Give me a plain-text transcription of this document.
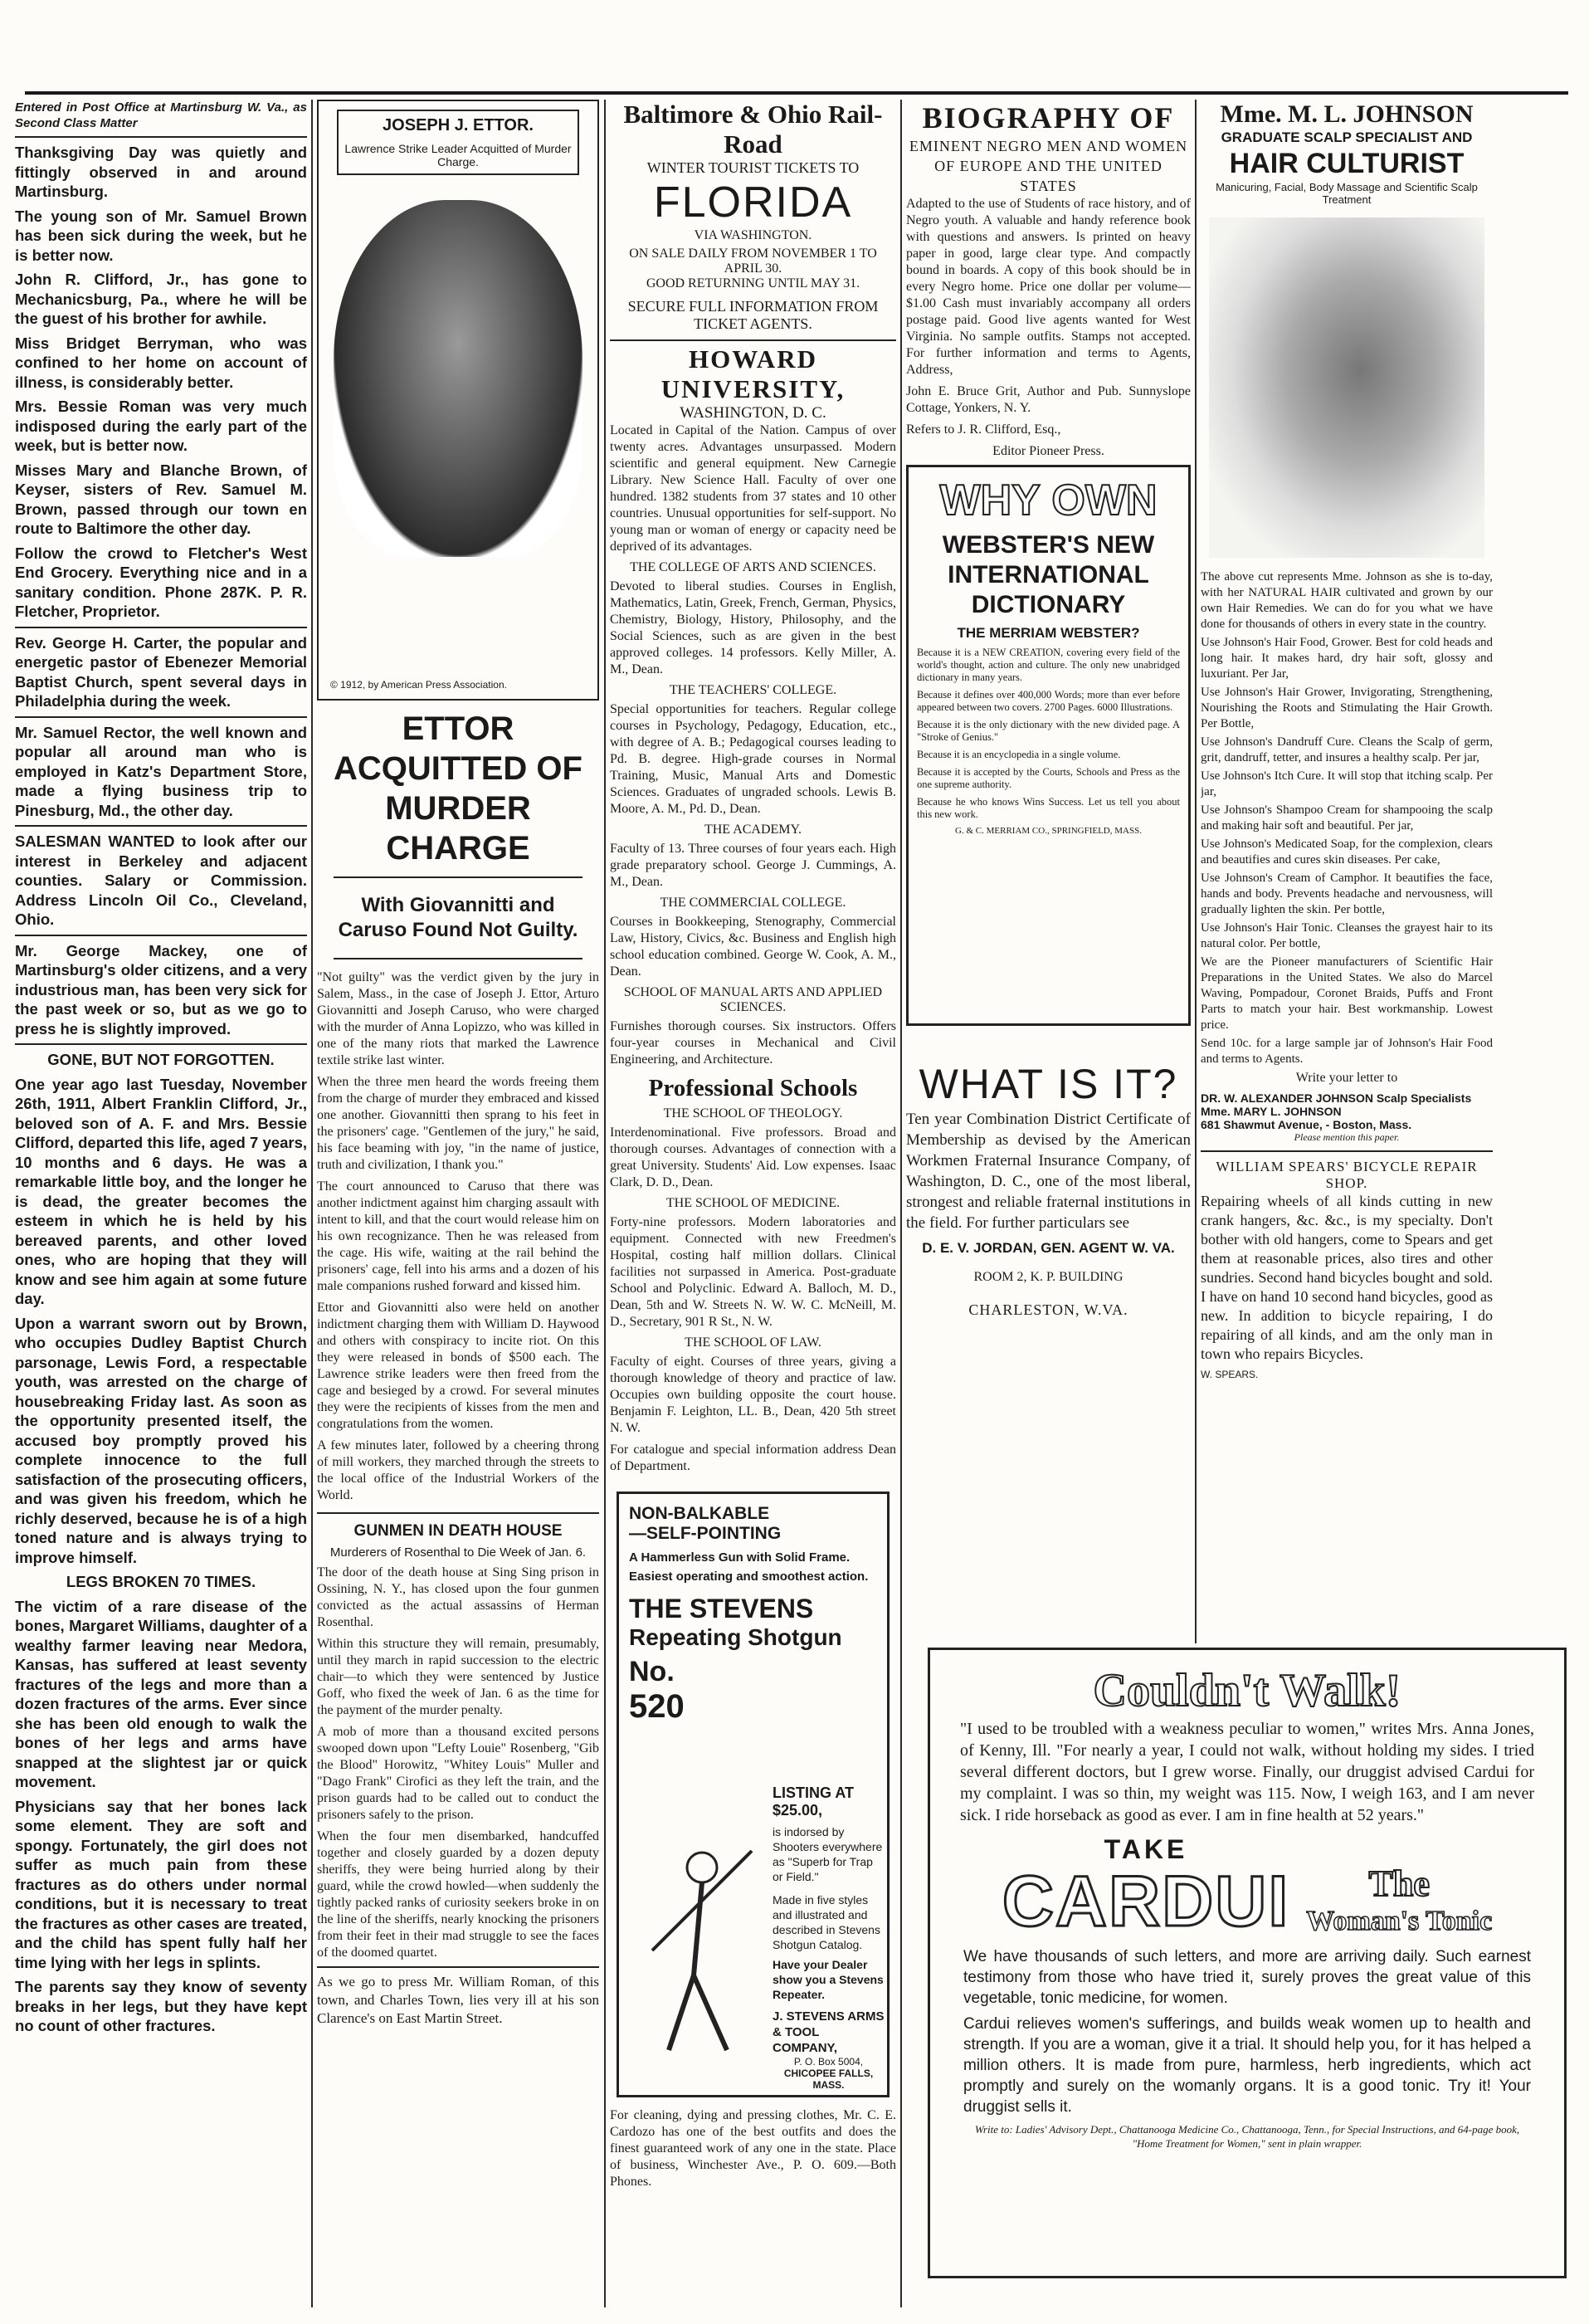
Entered in Post Office at Martinsburg W. Va., as Second Class Matter

Thanksgiving Day was quietly and fittingly observed in and around Martinsburg.

The young son of Mr. Samuel Brown has been sick during the week, but he is better now.

John R. Clifford, Jr., has gone to Mechanicsburg, Pa., where he will be the guest of his brother for awhile.

Miss Bridget Berryman, who was confined to her home on account of illness, is considerably better.

Mrs. Bessie Roman was very much indisposed during the early part of the week, but is better now.

Misses Mary and Blanche Brown, of Keyser, sisters of Rev. Samuel M. Brown, passed through our town en route to Baltimore the other day.

Follow the crowd to Fletcher's West End Grocery. Everything nice and in a sanitary condition. Phone 287K. P. R. Fletcher, Proprietor.

Rev. George H. Carter, the popular and energetic pastor of Ebenezer Memorial Baptist Church, spent several days in Philadelphia during the week.

Mr. Samuel Rector, the well known and popular all around man who is employed in Katz's Department Store, made a flying business trip to Pinesburg, Md., the other day.

SALESMAN WANTED to look after our interest in Berkeley and adjacent counties. Salary or Commission. Address Lincoln Oil Co., Cleveland, Ohio.

Mr. George Mackey, one of Martinsburg's older citizens, and a very industrious man, has been very sick for the past week or so, but as we go to press he is slightly improved.

GONE, BUT NOT FORGOTTEN.

One year ago last Tuesday, November 26th, 1911, Albert Franklin Clifford, Jr., beloved son of A. F. and Mrs. Bessie Clifford, departed this life, aged 7 years, 10 months and 6 days. He was a remarkable little boy, and the longer he is dead, the greater becomes the esteem in which he is held by his bereaved parents, and other loved ones, who are hoping that they will know and see him again at some future day.

Upon a warrant sworn out by Brown, who occupies Dudley Baptist Church parsonage, Lewis Ford, a respectable youth, was arrested on the charge of housebreaking Friday last. As soon as the opportunity presented itself, the accused boy promptly proved his complete innocence to the full satisfaction of the prosecuting officers, and was given his freedom, which he richly deserved, because he is of a high toned nature and is always trying to improve himself.

LEGS BROKEN 70 TIMES.

The victim of a rare disease of the bones, Margaret Williams, daughter of a wealthy farmer leaving near Medora, Kansas, has suffered at least seventy fractures of the legs and more than a dozen fractures of the arms. Ever since she has been old enough to walk the bones of her legs and arms have snapped at the slightest jar or quick movement.

Physicians say that her bones lack some element. They are soft and spongy. Fortunately, the girl does not suffer as much pain from these fractures as do others under normal conditions, but it is necessary to treat the fractures as other cases are treated, and the child has spent fully half her time lying with her legs in splints.

The parents say they know of seventy breaks in her legs, but they have kept no count of other fractures.

JOSEPH J. ETTOR.
Lawrence Strike Leader Acquitted of Murder Charge.
© 1912, by American Press Association.
ETTOR ACQUITTED OF MURDER CHARGE
With Giovannitti and Caruso Found Not Guilty.

"Not guilty" was the verdict given by the jury in Salem, Mass., in the case of Joseph J. Ettor, Arturo Giovannitti and Joseph Caruso, who were charged with the murder of Anna Lopizzo, who was killed in one of the many riots that marked the Lawrence textile strike last winter.

When the three men heard the words freeing them from the charge of murder they embraced and kissed one another. Giovannitti then sprang to his feet in the prisoners' cage. "Gentlemen of the jury," he said, his face beaming with joy, "in the name of justice, truth and civilization, I thank you."

The court announced to Caruso that there was another indictment against him charging assault with intent to kill, and that the court would release him on his own recognizance. Then he was released from the cage. His wife, waiting at the rail behind the prisoners' cage, fell into his arms and a dozen of his male companions rushed forward and kissed him.

Ettor and Giovannitti also were held on another indictment charging them with William D. Haywood and others with conspiracy to incite riot. On this they were released in bonds of $500 each. The Lawrence strike leaders were then freed from the cage and besieged by a crowd. For several minutes they were the recipients of kisses from the men and congratulations from the women.

A few minutes later, followed by a cheering throng of mill workers, they marched through the streets to the local office of the Industrial Workers of the World.

GUNMEN IN DEATH HOUSE
Murderers of Rosenthal to Die Week of Jan. 6.

The door of the death house at Sing Sing prison in Ossining, N. Y., has closed upon the four gunmen convicted as the actual assassins of Herman Rosenthal.

Within this structure they will remain, presumably, until they march in rapid succession to the electric chair—to which they were sentenced by Justice Goff, who fixed the week of Jan. 6 as the time for the payment of the murder penalty.

A mob of more than a thousand excited persons swooped down upon "Lefty Louie" Rosenberg, "Gib the Blood" Horowitz, "Whitey Louis" Muller and "Dago Frank" Cirofici as they left the train, and the prison guards had to be called out to conduct the prisoners safely to the prison.

When the four men disembarked, handcuffed together and closely guarded by a dozen deputy sheriffs, they were being hurried along by their guard, while the crowd howled—when suddenly the tightly packed ranks of curiosity seekers broke in on the line of the sheriffs, nearly knocking the prisoners from their feet in their mad struggle to see the faces of the doomed quartet.

As we go to press Mr. William Roman, of this town, and Charles Town, lies very ill at his son Clarence's on East Martin Street.

Baltimore & Ohio Rail-Road
WINTER TOURIST TICKETS TO
FLORIDA
VIA WASHINGTON.
ON SALE DAILY FROM NOVEMBER 1 TO APRIL 30.
GOOD RETURNING UNTIL MAY 31.
SECURE FULL INFORMATION FROM TICKET AGENTS.
HOWARD UNIVERSITY,
WASHINGTON, D. C.

Located in Capital of the Nation. Campus of over twenty acres. Advantages unsurpassed. Modern scientific and general equipment. New Carnegie Library. New Science Hall. Faculty of over one hundred. 1382 students from 37 states and 10 other countries. Unusual opportunities for self-support. No young man or woman of energy or capacity need be deprived of its advantages.

THE COLLEGE OF ARTS AND SCIENCES.

Devoted to liberal studies. Courses in English, Mathematics, Latin, Greek, French, German, Physics, Chemistry, Biology, History, Philosophy, and the Social Sciences, such as are given in the best approved colleges. 14 professors. Kelly Miller, A. M., Dean.

THE TEACHERS' COLLEGE.

Special opportunities for teachers. Regular college courses in Psychology, Pedagogy, Education, etc., with degree of A. B.; Pedagogical courses leading to Pd. B. degree. High-grade courses in Normal Training, Music, Manual Arts and Domestic Sciences. Graduates of ungraded schools. Lewis B. Moore, A. M., Pd. D., Dean.

THE ACADEMY.

Faculty of 13. Three courses of four years each. High grade preparatory school. George J. Cummings, A. M., Dean.

THE COMMERCIAL COLLEGE.

Courses in Bookkeeping, Stenography, Commercial Law, History, Civics, &c. Business and English high school education combined. George W. Cook, A. M., Dean.

SCHOOL OF MANUAL ARTS AND APPLIED SCIENCES.

Furnishes thorough courses. Six instructors. Offers four-year courses in Mechanical and Civil Engineering, and Architecture.

Professional Schools
THE SCHOOL OF THEOLOGY.

Interdenominational. Five professors. Broad and thorough courses. Advantages of connection with a great University. Students' Aid. Low expenses. Isaac Clark, D. D., Dean.

THE SCHOOL OF MEDICINE.

Forty-nine professors. Modern laboratories and equipment. Connected with new Freedmen's Hospital, costing half million dollars. Clinical facilities not surpassed in America. Post-graduate School and Polyclinic. Edward A. Balloch, M. D., Dean, 5th and W. Streets N. W. W. C. McNeill, M. D., Secretary, 901 R St., N. W.

THE SCHOOL OF LAW.

Faculty of eight. Courses of three years, giving a thorough knowledge of theory and practice of law. Occupies own building opposite the court house. Benjamin F. Leighton, LL. B., Dean, 420 5th street N. W.

For catalogue and special information address Dean of Department.

NON-BALKABLE—SELF-POINTING
A Hammerless Gun with Solid Frame.
Easiest operating and smoothest action.
THE STEVENS
Repeating Shotgun
No.
520
LISTING AT $25.00,
is indorsed by Shooters everywhere as "Superb for Trap or Field."
Made in five styles and illustrated and described in Stevens Shotgun Catalog.
Have your Dealer show you a Stevens Repeater.
J. STEVENS ARMS & TOOL COMPANY,
P. O. Box 5004,
CHICOPEE FALLS, MASS.

For cleaning, dying and pressing clothes, Mr. C. E. Cardozo has one of the best outfits and does the finest guaranteed work of any one in the state. Place of business, Winchester Ave., P. O. 609.—Both Phones.

BIOGRAPHY OF
EMINENT NEGRO MEN AND WOMEN OF EUROPE AND THE UNITED STATES

Adapted to the use of Students of race history, and of Negro youth. A valuable and handy reference book with questions and answers. Is printed on heavy paper in good, large clear type. And compactly bound in boards. A copy of this book should be in every Negro home. Price one dollar per volume—$1.00 Cash must invariably accompany all orders postage paid. Good live agents wanted for West Virginia. No sample outfits. Stamps not accepted. For further information and terms to Agents, Address,

John E. Bruce Grit, Author and Pub. Sunnyslope Cottage, Yonkers, N. Y.

Refers to J. R. Clifford, Esq.,

Editor Pioneer Press.

WHY OWN
WEBSTER'S NEW INTERNATIONAL DICTIONARY
THE MERRIAM WEBSTER?

Because it is a NEW CREATION, covering every field of the world's thought, action and culture. The only new unabridged dictionary in many years.

Because it defines over 400,000 Words; more than ever before appeared between two covers. 2700 Pages. 6000 Illustrations.

Because it is the only dictionary with the new divided page. A "Stroke of Genius."

Because it is an encyclopedia in a single volume.

Because it is accepted by the Courts, Schools and Press as the one supreme authority.

Because he who knows Wins Success. Let us tell you about this new work.

G. & C. MERRIAM CO., SPRINGFIELD, MASS.
WHAT IS IT?

Ten year Combination District Certificate of Membership as devised by the American Workmen Fraternal Insurance Company, of Washington, D. C., one of the most liberal, strongest and reliable fraternal institutions in the field. For further particulars see

D. E. V. JORDAN, GEN. AGENT W. VA.
ROOM 2, K. P. BUILDING
CHARLESTON, W.VA.
Mme. M. L. JOHNSON
GRADUATE SCALP SPECIALIST AND
HAIR CULTURIST
Manicuring, Facial, Body Massage and Scientific Scalp Treatment

The above cut represents Mme. Johnson as she is to-day, with her NATURAL HAIR cultivated and grown by our own Hair Remedies. We can do for you what we have done for thousands of others in every state in the country.

Use Johnson's Hair Food, Grower. Best for cold heads and long hair. It makes hard, dry hair soft, glossy and luxuriant. Per Jar,

Use Johnson's Hair Grower, Invigorating, Strengthening, Nourishing the Roots and Stimulating the Hair Growth. Per Bottle,

Use Johnson's Dandruff Cure. Cleans the Scalp of germ, grit, dandruff, tetter, and insures a healthy scalp. Per jar,

Use Johnson's Itch Cure. It will stop that itching scalp. Per jar,

Use Johnson's Shampoo Cream for shampooing the scalp and making hair soft and beautiful. Per jar,

Use Johnson's Medicated Soap, for the complexion, clears and beautifies and cures skin diseases. Per cake,

Use Johnson's Cream of Camphor. It beautifies the face, hands and body. Prevents headache and nervousness, will gradually lighten the skin. Per bottle,

Use Johnson's Hair Tonic. Cleanses the grayest hair to its natural color. Per bottle,

We are the Pioneer manufacturers of Scientific Hair Preparations in the United States. We also do Marcel Waving, Pompadour, Coronet Braids, Puffs and Front Parts to match your hair. Best workmanship. Lowest price.

Send 10c. for a large sample jar of Johnson's Hair Food and terms to Agents.

Write your letter to

DR. W. ALEXANDER JOHNSON Scalp Specialists
Mme. MARY L. JOHNSON
681 Shawmut Avenue, - Boston, Mass.
Please mention this paper.
WILLIAM SPEARS' BICYCLE REPAIR SHOP.

Repairing wheels of all kinds cutting in new crank hangers, &c. &c., is my specialty. Don't bother with old hangers, come to Spears and get them at reasonable prices, also tires and other sundries. Second hand bicycles bought and sold. I have on hand 10 second hand bicycles, good as new. In addition to bicycle repairing, I do repairing of all kinds, and am the only man in town who repairs Bicycles.

W. SPEARS.
Couldn't Walk!

"I used to be troubled with a weakness peculiar to women," writes Mrs. Anna Jones, of Kenny, Ill. "For nearly a year, I could not walk, without holding my sides. I tried several different doctors, but I grew worse. Finally, our druggist advised Cardui for my complaint. I was so thin, my weight was 115. Now, I weigh 163, and I am never sick. I ride horseback as good as ever. I am in fine health at 52 years."

TAKE
CARDUI	The
Woman's Tonic

We have thousands of such letters, and more are arriving daily. Such earnest testimony from those who have tried it, surely proves the great value of this vegetable, tonic medicine, for women.

Cardui relieves women's sufferings, and builds weak women up to health and strength. If you are a woman, give it a trial. It should help you, for it has helped a million others. It is made from pure, harmless, herb ingredients, which act promptly and surely on the womanly organs. It is a good tonic. Try it! Your druggist sells it.

Write to: Ladies' Advisory Dept., Chattanooga Medicine Co., Chattanooga, Tenn., for Special Instructions, and 64-page book, "Home Treatment for Women," sent in plain wrapper.
